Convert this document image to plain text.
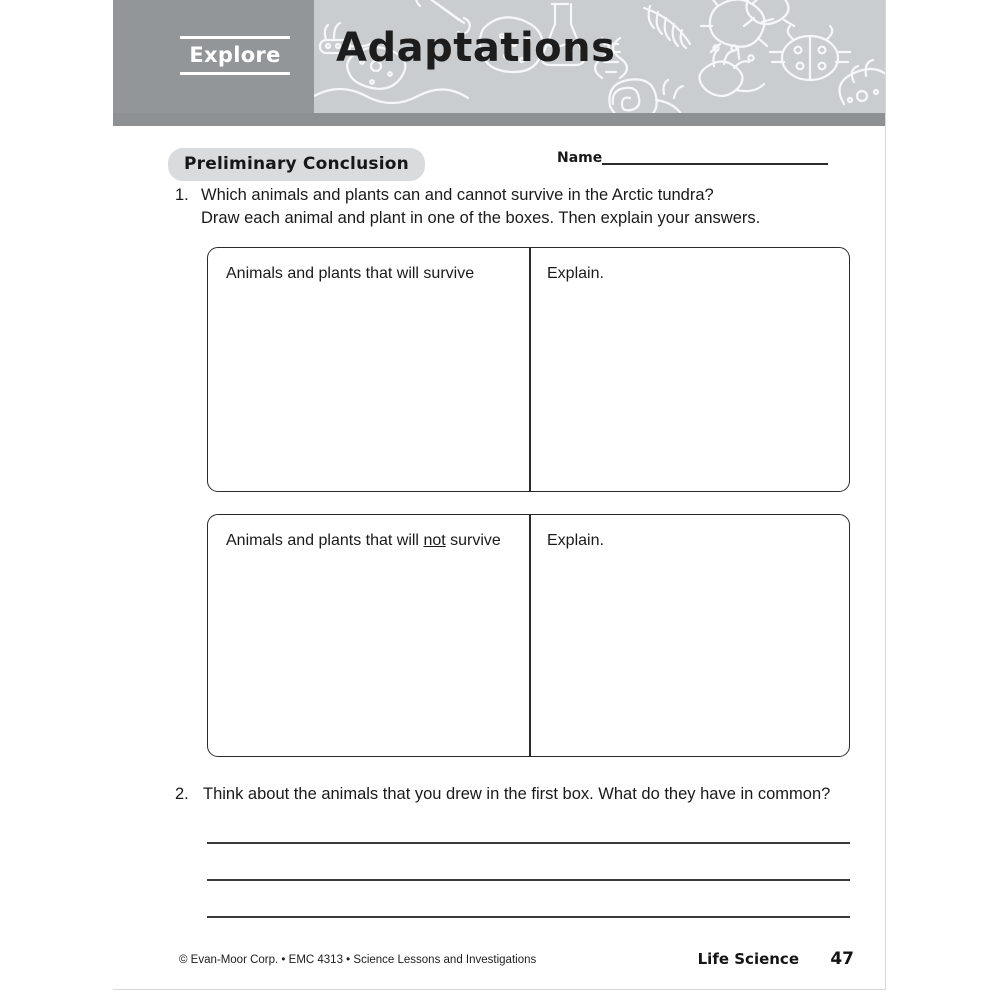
Explore Adaptations
Preliminary Conclusion	Name
1. Which animals and plants can and cannot survive in the Arctic tundra?
Draw each animal and plant in one of the boxes. Then explain your answers.
Animals and plants that will survive	Explain.
Animals and plants that will not survive	Explain.
2. Think about the animals that you drew in the first box. What do they have in common?
© Evan-Moor Corp. • EMC 4313 • Science Lessons and Investigations	Life Science 47
